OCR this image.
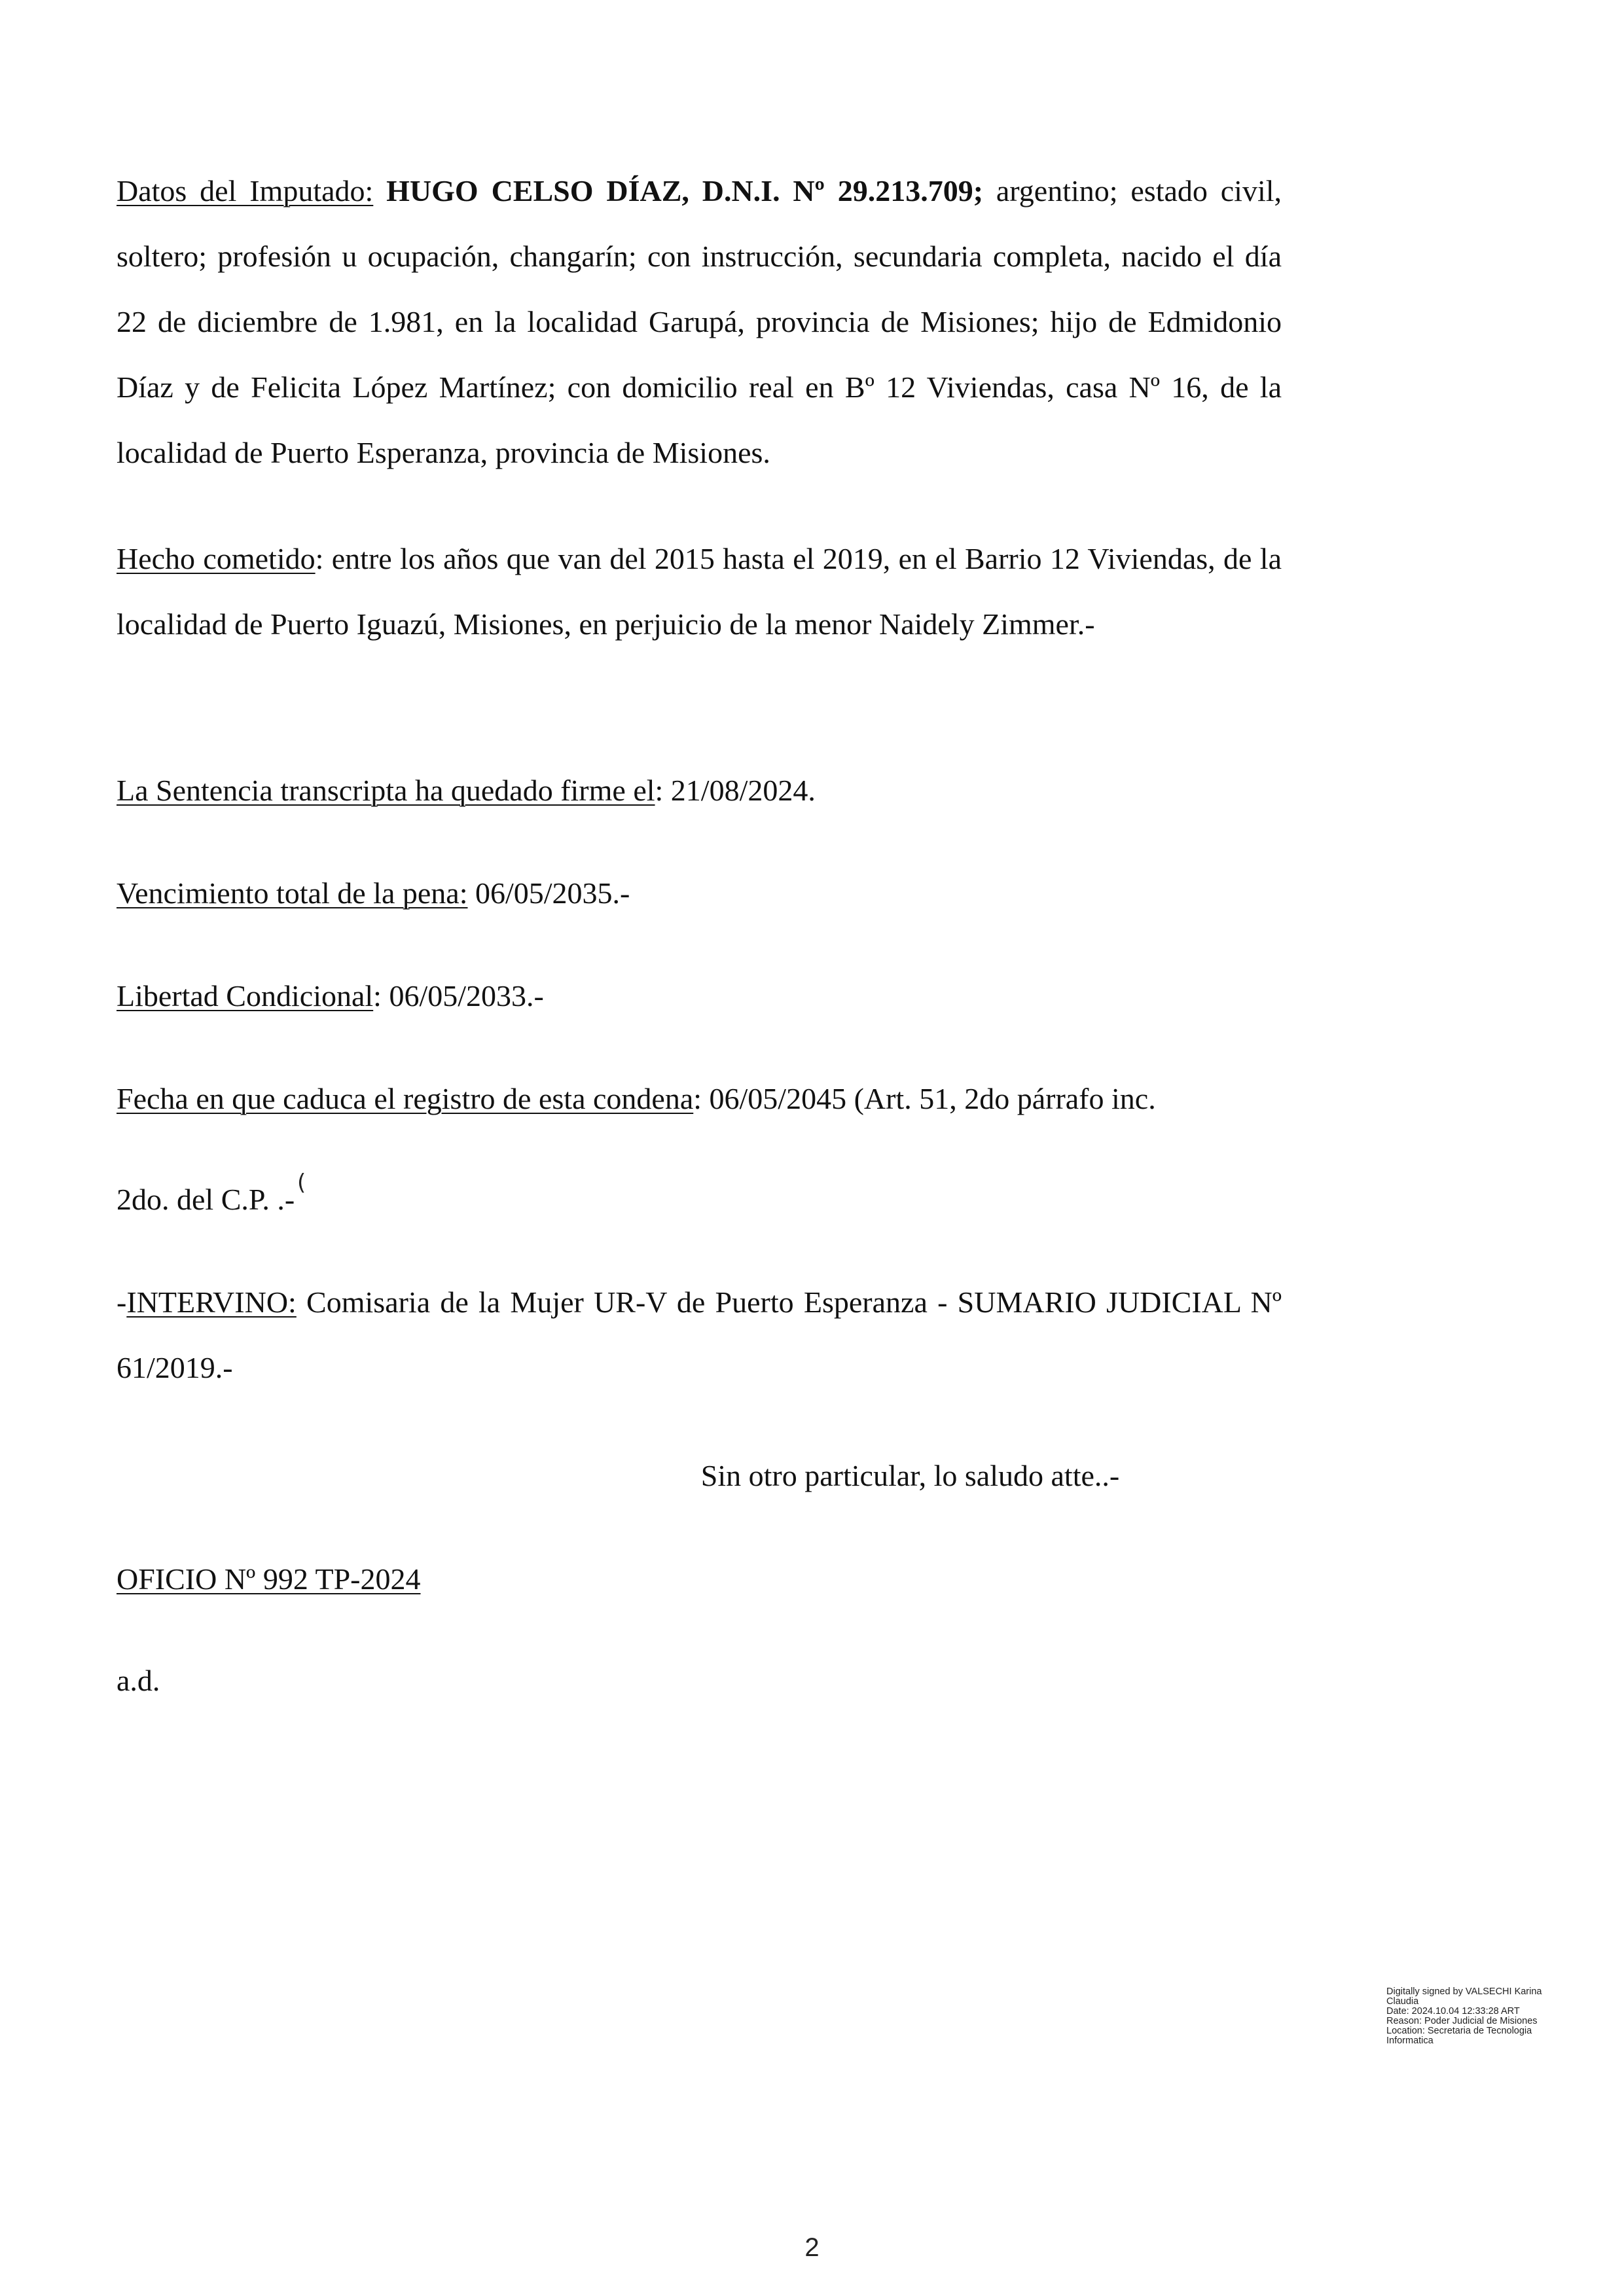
Datos del Imputado: HUGO CELSO DÍAZ, D.N.I. Nº 29.213.709; argentino; estado civil, soltero; profesión u ocupación, changarín; con instrucción, secundaria completa, nacido el día 22 de diciembre de 1.981, en la localidad Garupá, provincia de Misiones; hijo de Edmidonio Díaz y de Felicita López Martínez; con domicilio real en Bº 12 Viviendas, casa Nº 16, de la localidad de Puerto Esperanza, provincia de Misiones.

Hecho cometido: entre los años que van del 2015 hasta el 2019, en el Barrio 12 Viviendas, de la localidad de Puerto Iguazú, Misiones, en perjuicio de la menor Naidely Zimmer.-

La Sentencia transcripta ha quedado firme el: 21/08/2024.

Vencimiento total de la pena: 06/05/2035.-

Libertad Condicional: 06/05/2033.-

Fecha en que caduca el registro de esta condena: 06/05/2045 (Art. 51, 2do párrafo inc.

2do. del C.P. .- (

-INTERVINO: Comisaria de la Mujer UR-V de Puerto Esperanza - SUMARIO JUDICIAL Nº 61/2019.-

Sin otro particular, lo saludo atte..-

OFICIO Nº 992 TP-2024

a.d.

Digitally signed by VALSECHI Karina
Claudia
Date: 2024.10.04 12:33:28 ART
Reason: Poder Judicial de Misiones
Location: Secretaria de Tecnologia
Informatica
2
